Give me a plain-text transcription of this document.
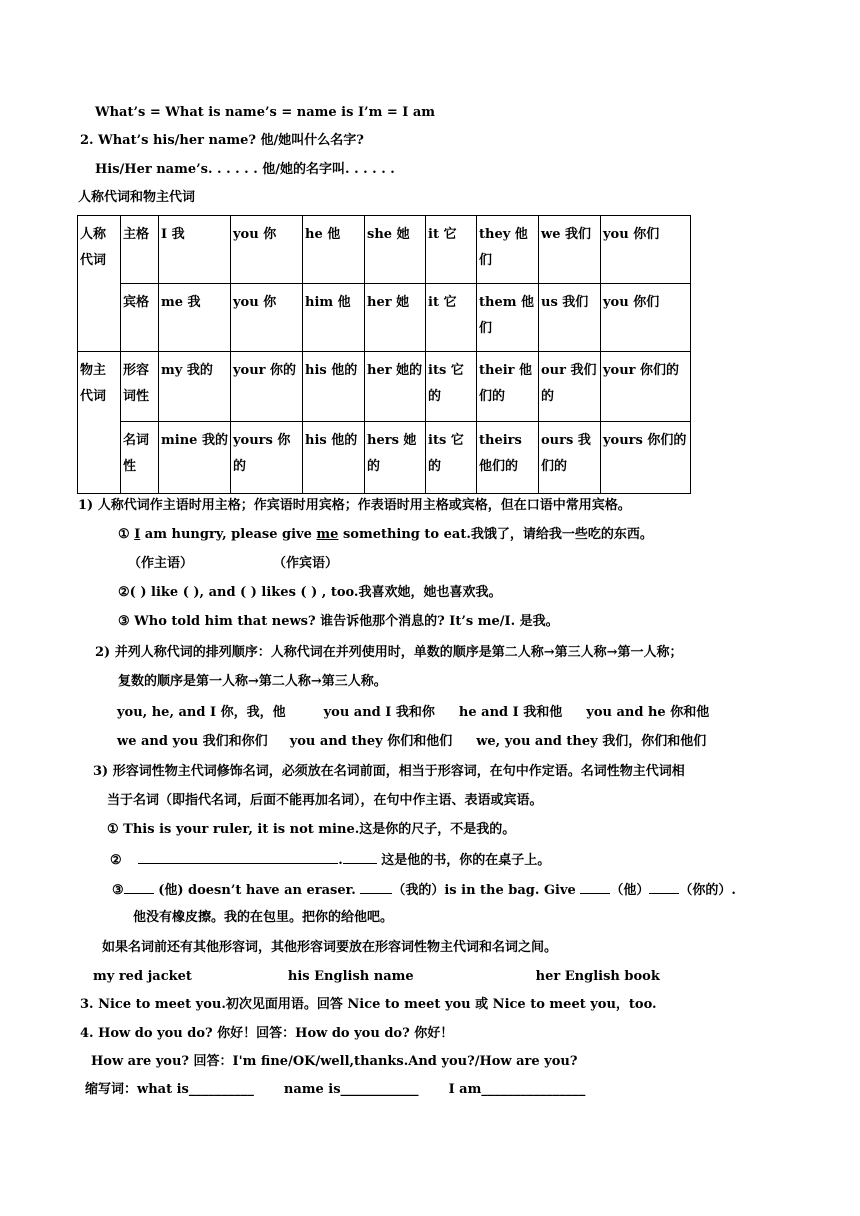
What’s = What is name’s = name is I’m = I am
2. What’s his/her name? 他/她叫什么名字?
His/Her name’s. . . . . . 他/她的名字叫. . . . . .
人称代词和物主代词
人称代词	主格	I 我	you 你	he 他	she 她	it 它	they 他们	we 我们	you 你们
	宾格	me 我	you 你	him 他	her 她	it 它	them 他们	us 我们	you 你们
物主代词	形容词性	my 我的	your 你的	his 他的	her 她的	its 它的	their 他们的	our 我们的	your 你们的
	名词性	mine 我的	yours 你的	his 他的	hers 她的	its 它的	theirs 他们的	ours 我们的	yours 你们的
1) 人称代词作主语时用主格；作宾语时用宾格；作表语时用主格或宾格，但在口语中常用宾格。
① I am hungry, please give me something to eat.我饿了，请给我一些吃的东西。
（作主语）	（作宾语）
②( ) like ( ), and ( ) likes ( ) , too.我喜欢她，她也喜欢我。
③ Who told him that news? 谁告诉他那个消息的? It’s me/I. 是我。
2) 并列人称代词的排列顺序：人称代词在并列使用时，单数的顺序是第二人称→第三人称→第一人称；
复数的顺序是第一人称→第二人称→第三人称。
you, he, and I 你，我，他	you and I 我和你 he and I 我和他 you and he 你和他
we and you 我们和你们 you and they 你们和他们 we, you and they 我们，你们和他们
3) 形容词性物主代词修饰名词，必须放在名词前面，相当于形容词，在句中作定语。名词性物主代词相
当于名词（即指代名词，后面不能再加名词），在句中作主语、表语或宾语。
① This is your ruler, it is not mine.这是你的尺子，不是我的。
②	.	这是他的书，你的在桌子上。
③	(他) doesn’t have an eraser. （我的）is in the bag. Give （他） （你的）.
他没有橡皮擦。我的在包里。把你的给他吧。
如果名词前还有其他形容词，其他形容词要放在形容词性物主代词和名词之间。
my red jacket	his English name	her English book
3. Nice to meet you.初次见面用语。回答 Nice to meet you 或 Nice to meet you，too.
4. How do you do? 你好！回答：How do you do? 你好！
How are you? 回答：I'm fine/OK/well,thanks.And you?/How are you?
缩写词：what is__________ name is____________ I am________________
